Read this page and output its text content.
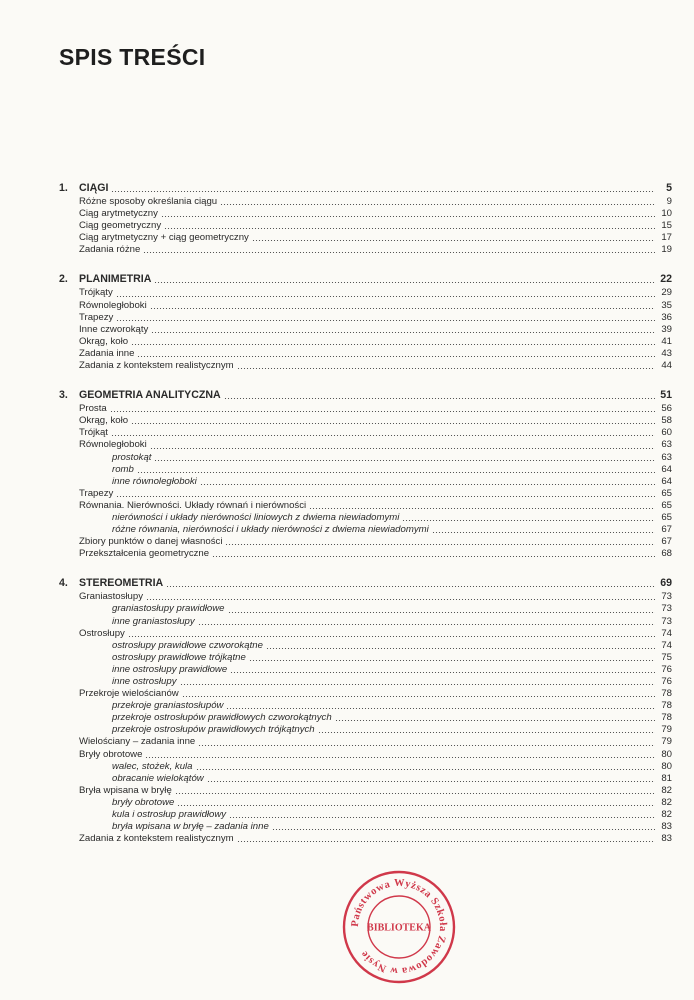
SPIS TREŚCI
1.	CIĄGI	5
Różne sposoby określania ciągu	9
Ciąg arytmetyczny	10
Ciąg geometryczny	15
Ciąg arytmetyczny + ciąg geometryczny	17
Zadania różne	19
2.	PLANIMETRIA	22
Trójkąty	29
Równoległoboki	35
Trapezy	36
Inne czworokąty	39
Okrąg, koło	41
Zadania inne	43
Zadania z kontekstem realistycznym	44
3.	GEOMETRIA ANALITYCZNA	51
Prosta	56
Okrąg, koło	58
Trójkąt	60
Równoległoboki	63
prostokąt	63
romb	64
inne równoległoboki	64
Trapezy	65
Równania. Nierówności. Układy równań i nierówności	65
nierówności i układy nierówności liniowych z dwiema niewiadomymi	65
różne równania, nierówności i układy nierówności z dwiema niewiadomymi	67
Zbiory punktów o danej własności	67
Przekształcenia geometryczne	68
4.	STEREOMETRIA	69
Graniastosłupy	73
graniastosłupy prawidłowe	73
inne graniastosłupy	73
Ostrosłupy	74
ostrosłupy prawidłowe czworokątne	74
ostrosłupy prawidłowe trójkątne	75
inne ostrosłupy prawidłowe	76
inne ostrosłupy	76
Przekroje wielościanów	78
przekroje graniastosłupów	78
przekroje ostrosłupów prawidłowych czworokątnych	78
przekroje ostrosłupów prawidłowych trójkątnych	79
Wielościany – zadania inne	79
Bryły obrotowe	80
walec, stożek, kula	80
obracanie wielokątów	81
Bryła wpisana w bryłę	82
bryły obrotowe	82
kula i ostrosłup prawidłowy	82
bryła wpisana w bryłę – zadania inne	83
Zadania z kontekstem realistycznym	83
Państwowa Wyższa Szkoła Zawodowa w Nysie
BIBLIOTEKA
